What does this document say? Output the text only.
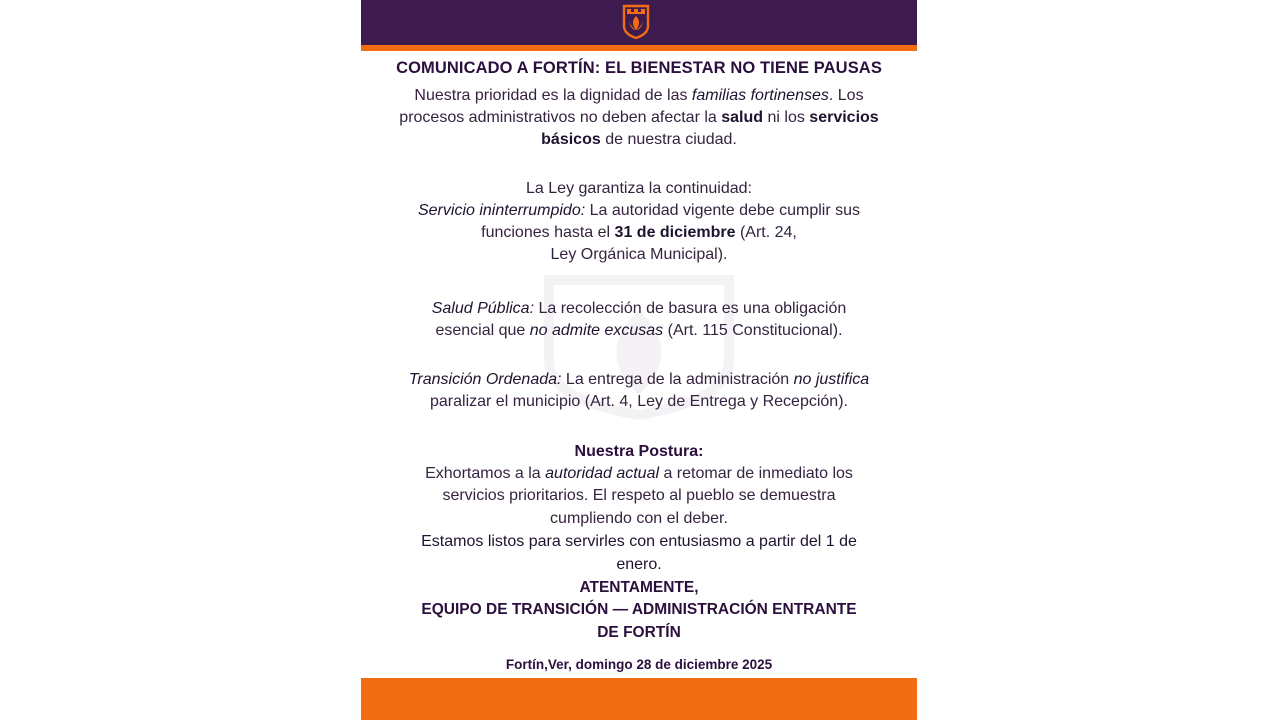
COMUNICADO A FORTÍN: EL BIENESTAR NO TIENE PAUSAS
Nuestra prioridad es la dignidad de las familias fortinenses. Los
procesos administrativos no deben afectar la salud ni los servicios
básicos de nuestra ciudad.
La Ley garantiza la continuidad:
Servicio ininterrumpido: La autoridad vigente debe cumplir sus
funciones hasta el 31 de diciembre (Art. 24,
Ley Orgánica Municipal).
Salud Pública: La recolección de basura es una obligación
esencial que no admite excusas (Art. 115 Constitucional).
Transición Ordenada: La entrega de la administración no justifica
paralizar el municipio (Art. 4, Ley de Entrega y Recepción).
Nuestra Postura:
Exhortamos a la autoridad actual a retomar de inmediato los
servicios prioritarios. El respeto al pueblo se demuestra
cumpliendo con el deber.
Estamos listos para servirles con entusiasmo a partir del 1 de
enero.
ATENTAMENTE,
EQUIPO DE TRANSICIÓN — ADMINISTRACIÓN ENTRANTE
DE FORTÍN
Fortín,Ver, domingo 28 de diciembre 2025
